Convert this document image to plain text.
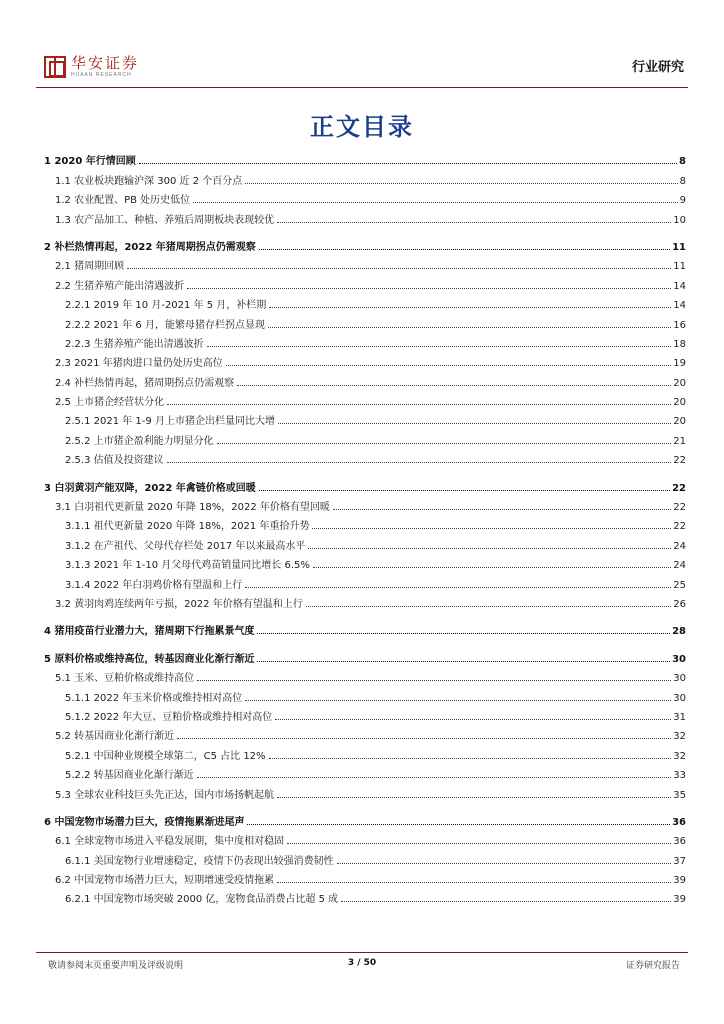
华安证券
HUAAN RESEARCH	行业研究
正文目录
1 2020 年行情回顾	8
1.1 农业板块跑输沪深 300 近 2 个百分点	8
1.2 农业配置、PB 处历史低位	9
1.3 农产品加工、种植、养殖后周期板块表现较优	10
2 补栏热情再起，2022 年猪周期拐点仍需观察	11
2.1 猪周期回顾	11
2.2 生猪养殖产能出清遇波折	14
2.2.1 2019 年 10 月-2021 年 5 月，补栏期	14
2.2.2 2021 年 6 月，能繁母猪存栏拐点显现	16
2.2.3 生猪养殖产能出清遇波折	18
2.3 2021 年猪肉进口量仍处历史高位	19
2.4 补栏热情再起，猪周期拐点仍需观察	20
2.5 上市猪企经营状分化	20
2.5.1 2021 年 1-9 月上市猪企出栏量同比大增	20
2.5.2 上市猪企盈利能力明显分化	21
2.5.3 估值及投资建议	22
3 白羽黄羽产能双降，2022 年禽链价格或回暖	22
3.1 白羽祖代更新量 2020 年降 18%，2022 年价格有望回暖	22
3.1.1 祖代更新量 2020 年降 18%，2021 年重拾升势	22
3.1.2 在产祖代、父母代存栏处 2017 年以来最高水平	24
3.1.3 2021 年 1-10 月父母代鸡苗销量同比增长 6.5%	24
3.1.4 2022 年白羽鸡价格有望温和上行	25
3.2 黄羽肉鸡连续两年亏损，2022 年价格有望温和上行	26
4 猪用疫苗行业潜力大，猪周期下行拖累景气度	28
5 原料价格或维持高位，转基因商业化渐行渐近	30
5.1 玉米、豆粕价格或维持高位	30
5.1.1 2022 年玉米价格或维持相对高位	30
5.1.2 2022 年大豆、豆粕价格或维持相对高位	31
5.2 转基因商业化渐行渐近	32
5.2.1 中国种业规模全球第二，C5 占比 12%	32
5.2.2 转基因商业化渐行渐近	33
5.3 全球农业科技巨头先正达，国内市场扬帆起航	35
6 中国宠物市场潜力巨大，疫情拖累渐进尾声	36
6.1 全球宠物市场进入平稳发展期，集中度相对稳固	36
6.1.1 美国宠物行业增速稳定，疫情下仍表现出较强消费韧性	37
6.2 中国宠物市场潜力巨大，短期增速受疫情拖累	39
6.2.1 中国宠物市场突破 2000 亿，宠物食品消费占比超 5 成	39
敬请参阅末页重要声明及评级说明	3 / 50	证券研究报告
